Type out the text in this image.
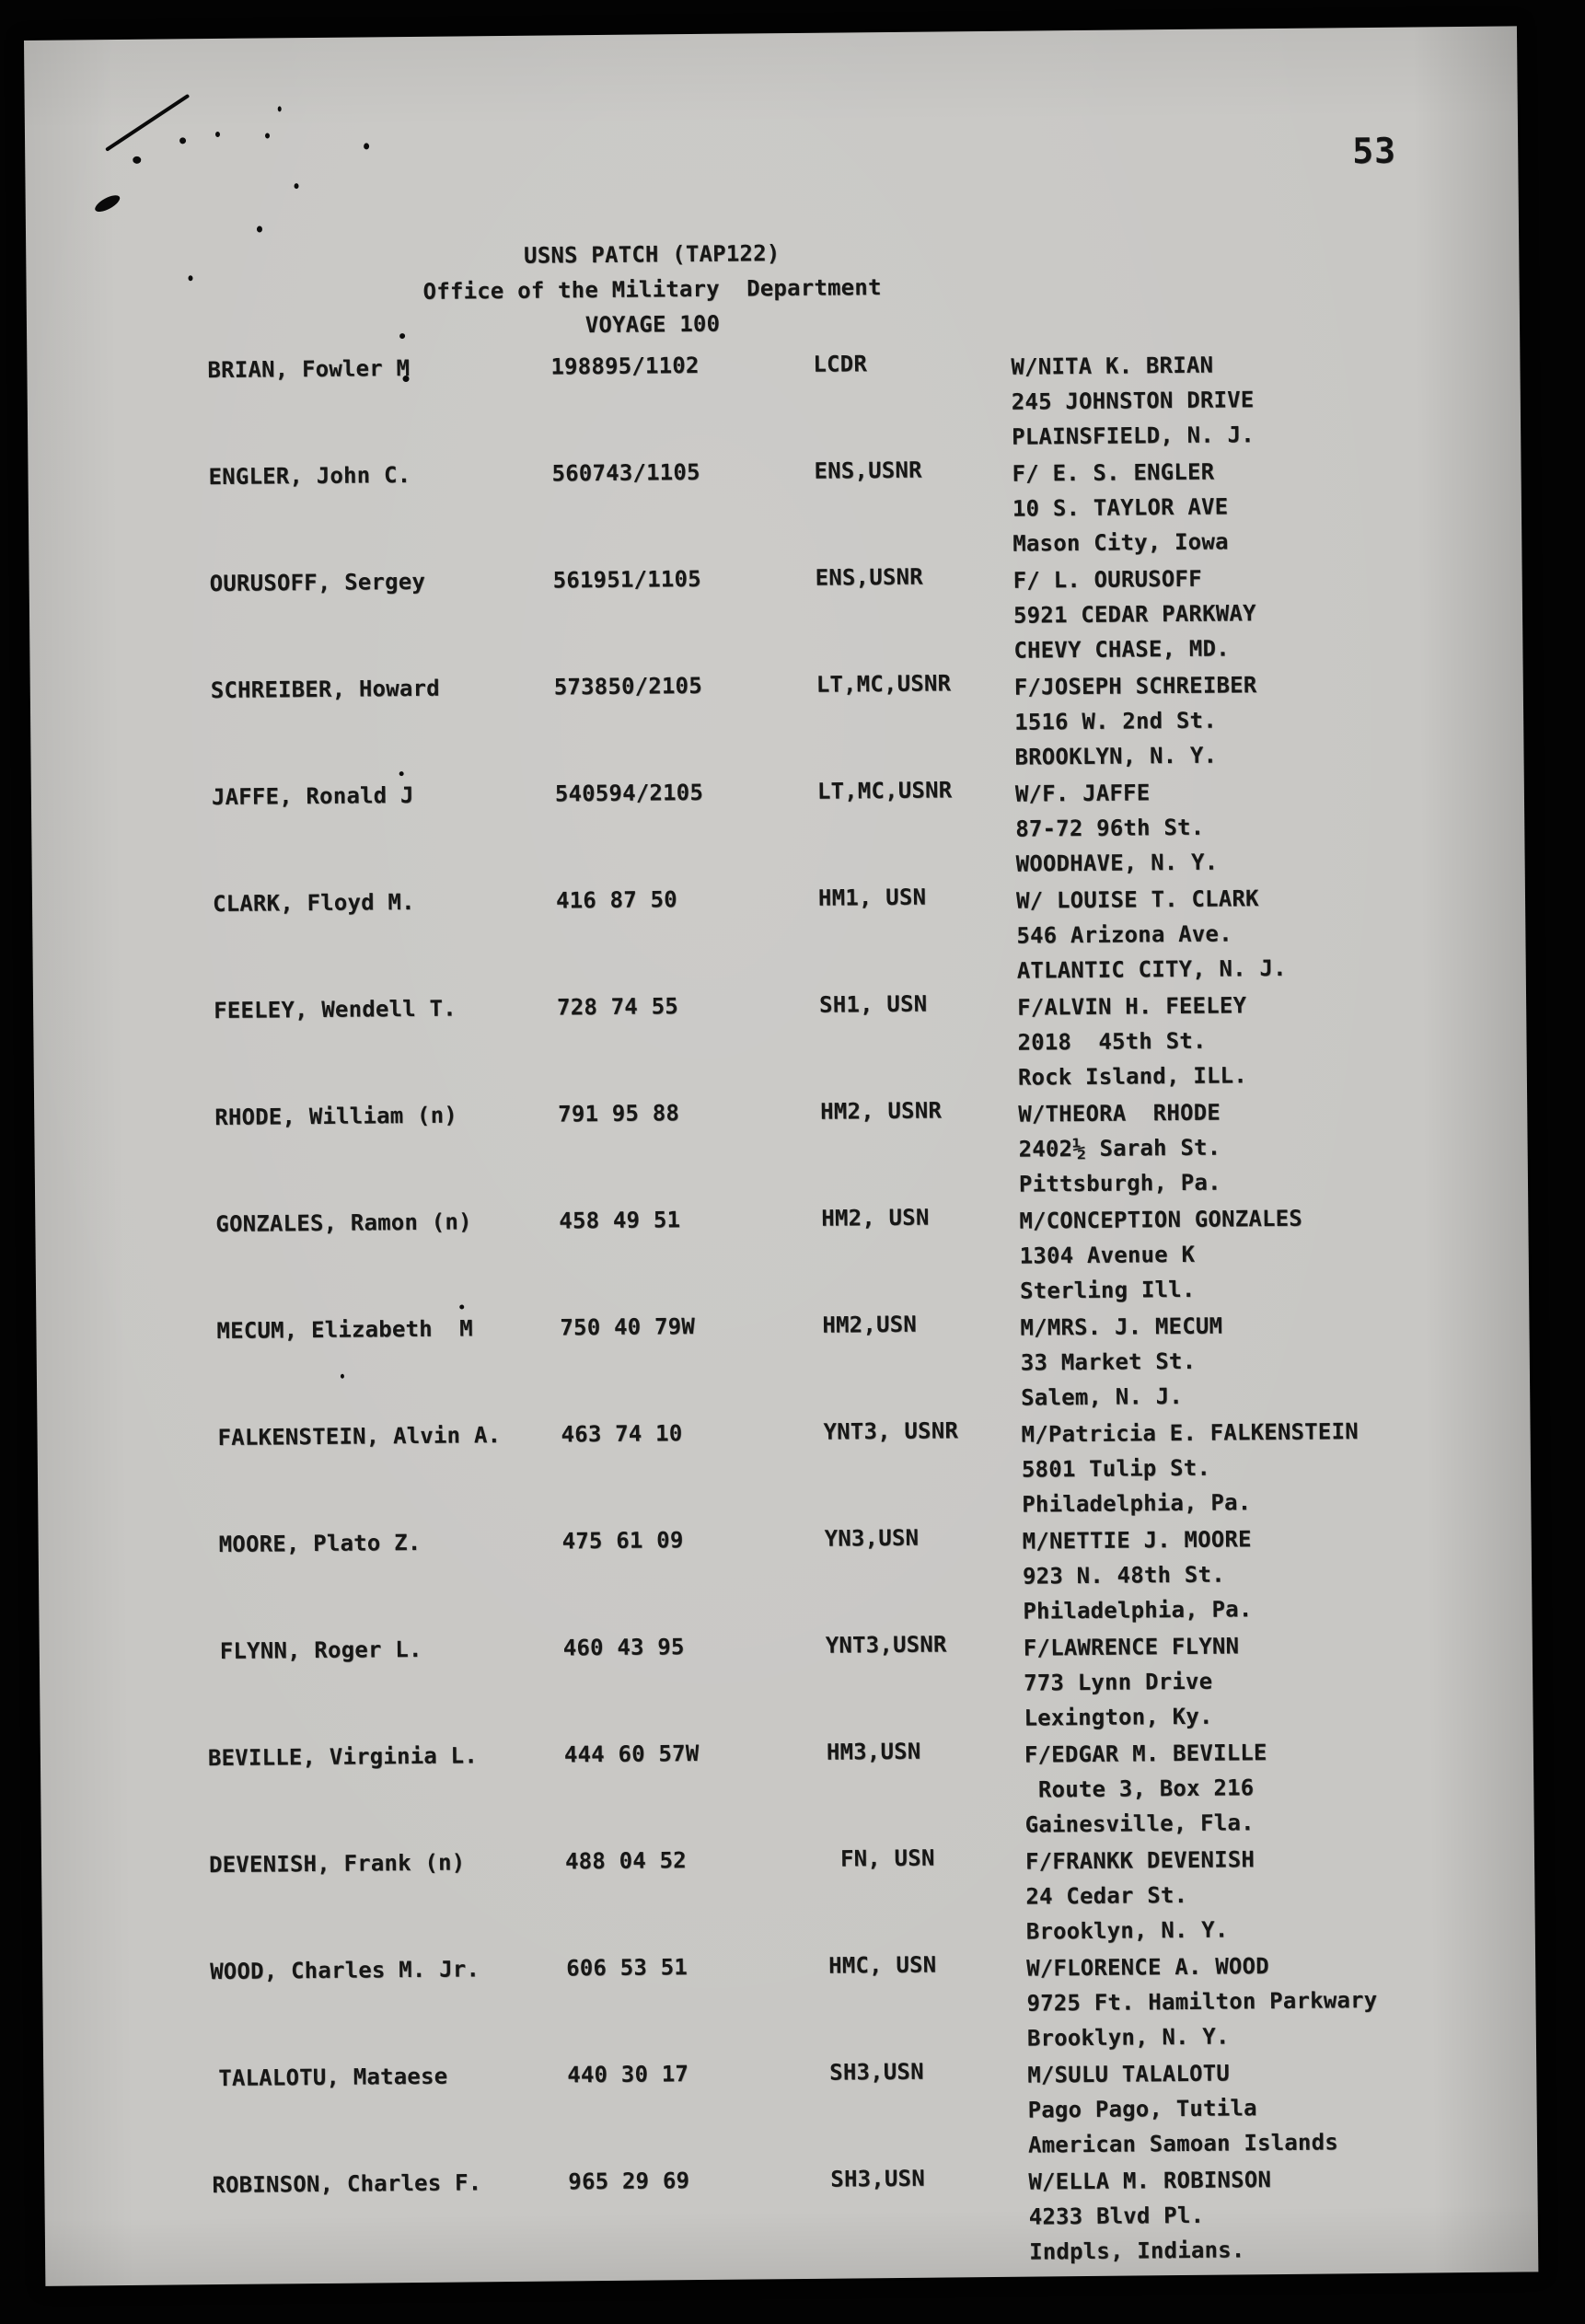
53
USNS PATCH (TAP122)
Office of the Military  Department
VOYAGE 100
BRIAN, Fowler M	198895/1102	LCDR	W/NITA K. BRIAN
245 JOHNSTON DRIVE
PLAINSFIELD, N. J.
ENGLER, John C.	560743/1105	ENS,USNR	F/ E. S. ENGLER
10 S. TAYLOR AVE
Mason City, Iowa
OURUSOFF, Sergey	561951/1105	ENS,USNR	F/ L. OURUSOFF
5921 CEDAR PARKWAY
CHEVY CHASE, MD.
SCHREIBER, Howard	573850/2105	LT,MC,USNR	F/JOSEPH SCHREIBER
1516 W. 2nd St.
BROOKLYN, N. Y.
JAFFE, Ronald J	540594/2105	LT,MC,USNR	W/F. JAFFE
87-72 96th St.
WOODHAVE, N. Y.
CLARK, Floyd M.	416 87 50	HM1, USN	W/ LOUISE T. CLARK
546 Arizona Ave.
ATLANTIC CITY, N. J.
FEELEY, Wendell T.	728 74 55	SH1, USN	F/ALVIN H. FEELEY
2018  45th St.
Rock Island, ILL.
RHODE, William (n)	791 95 88	HM2, USNR	W/THEORA  RHODE
2402½ Sarah St.
Pittsburgh, Pa.
GONZALES, Ramon (n)	458 49 51	HM2, USN	M/CONCEPTION GONZALES
1304 Avenue K
Sterling Ill.
MECUM, Elizabeth  M	750 40 79W	HM2,USN	M/MRS. J. MECUM
33 Market St.
Salem, N. J.
FALKENSTEIN, Alvin A.	463 74 10	YNT3, USNR	M/Patricia E. FALKENSTEIN
5801 Tulip St.
Philadelphia, Pa.
MOORE, Plato Z.	475 61 09	YN3,USN	M/NETTIE J. MOORE
923 N. 48th St.
Philadelphia, Pa.
FLYNN, Roger L.	460 43 95	YNT3,USNR	F/LAWRENCE FLYNN
773 Lynn Drive
Lexington, Ky.
BEVILLE, Virginia L.	444 60 57W	HM3,USN	F/EDGAR M. BEVILLE
Route 3, Box 216
Gainesville, Fla.
DEVENISH, Frank (n)	488 04 52	FN, USN	F/FRANKK DEVENISH
24 Cedar St.
Brooklyn, N. Y.
WOOD, Charles M. Jr.	606 53 51	HMC, USN	W/FLORENCE A. WOOD
9725 Ft. Hamilton Parkwary
Brooklyn, N. Y.
TALALOTU, Mataese	440 30 17	SH3,USN	M/SULU TALALOTU
Pago Pago, Tutila
American Samoan Islands
ROBINSON, Charles F.	965 29 69	SH3,USN	W/ELLA M. ROBINSON
4233 Blvd Pl.
Indpls, Indians.
